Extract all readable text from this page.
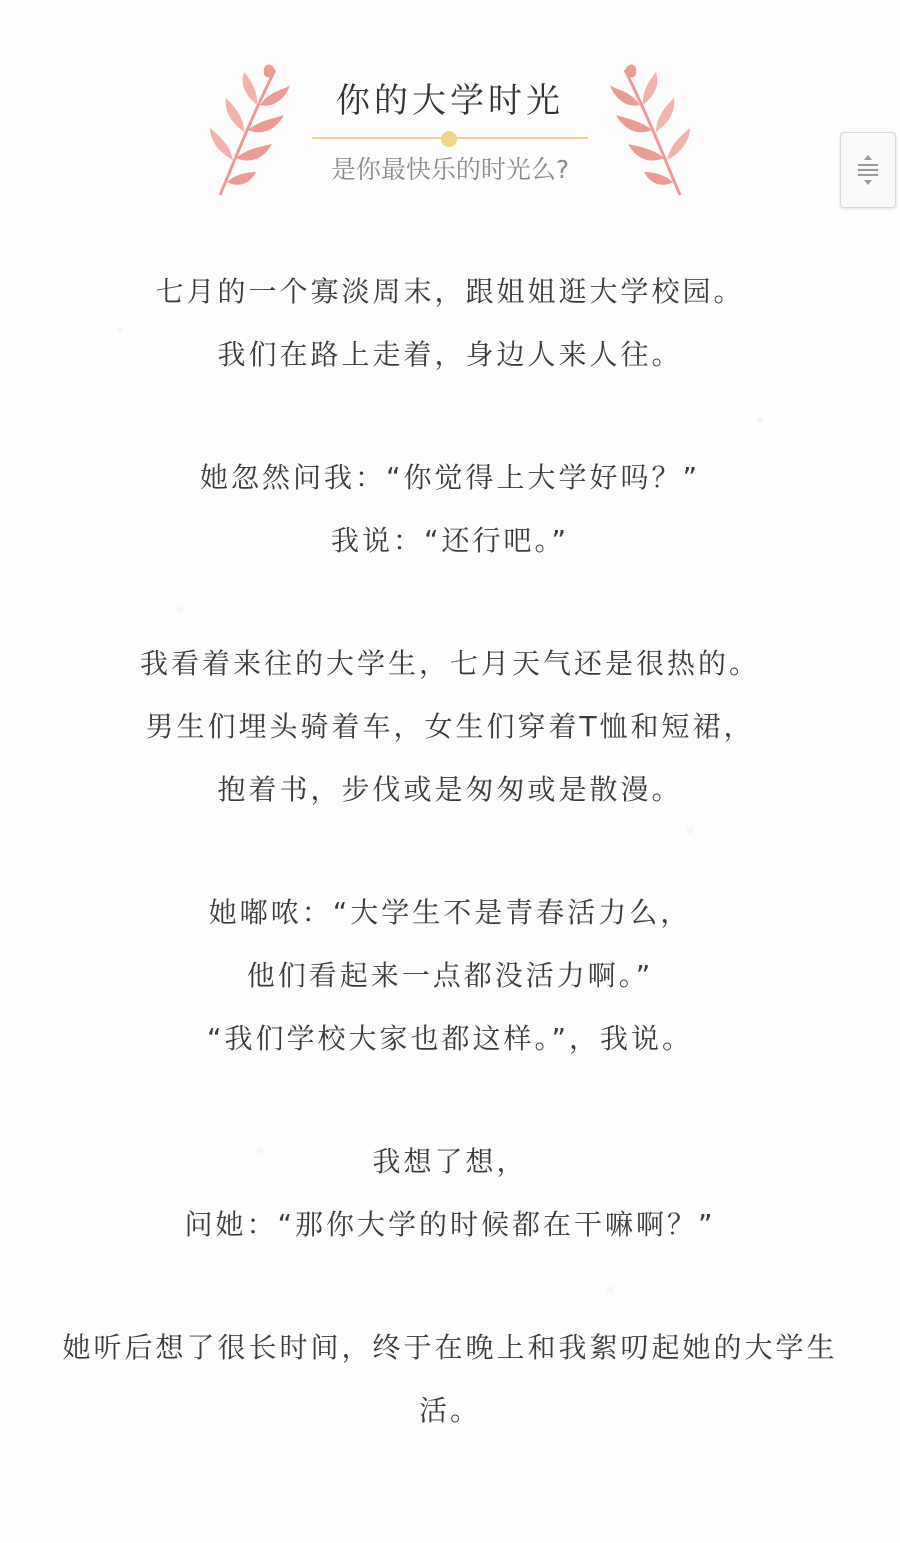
你的大学时光
是你最快乐的时光么?
七月的一个寡淡周末，跟姐姐逛大学校园。
我们在路上走着，身边人来人往。
她忽然问我：“你觉得上大学好吗？”
我说：“还行吧。”
我看着来往的大学生，七月天气还是很热的。
男生们埋头骑着车，女生们穿着T恤和短裙，
抱着书，步伐或是匆匆或是散漫。
她嘟哝：“大学生不是青春活力么，
他们看起来一点都没活力啊。”
“我们学校大家也都这样。”，我说。
我想了想，
问她：“那你大学的时候都在干嘛啊？”
她听后想了很长时间，终于在晚上和我絮叨起她的大学生活。
